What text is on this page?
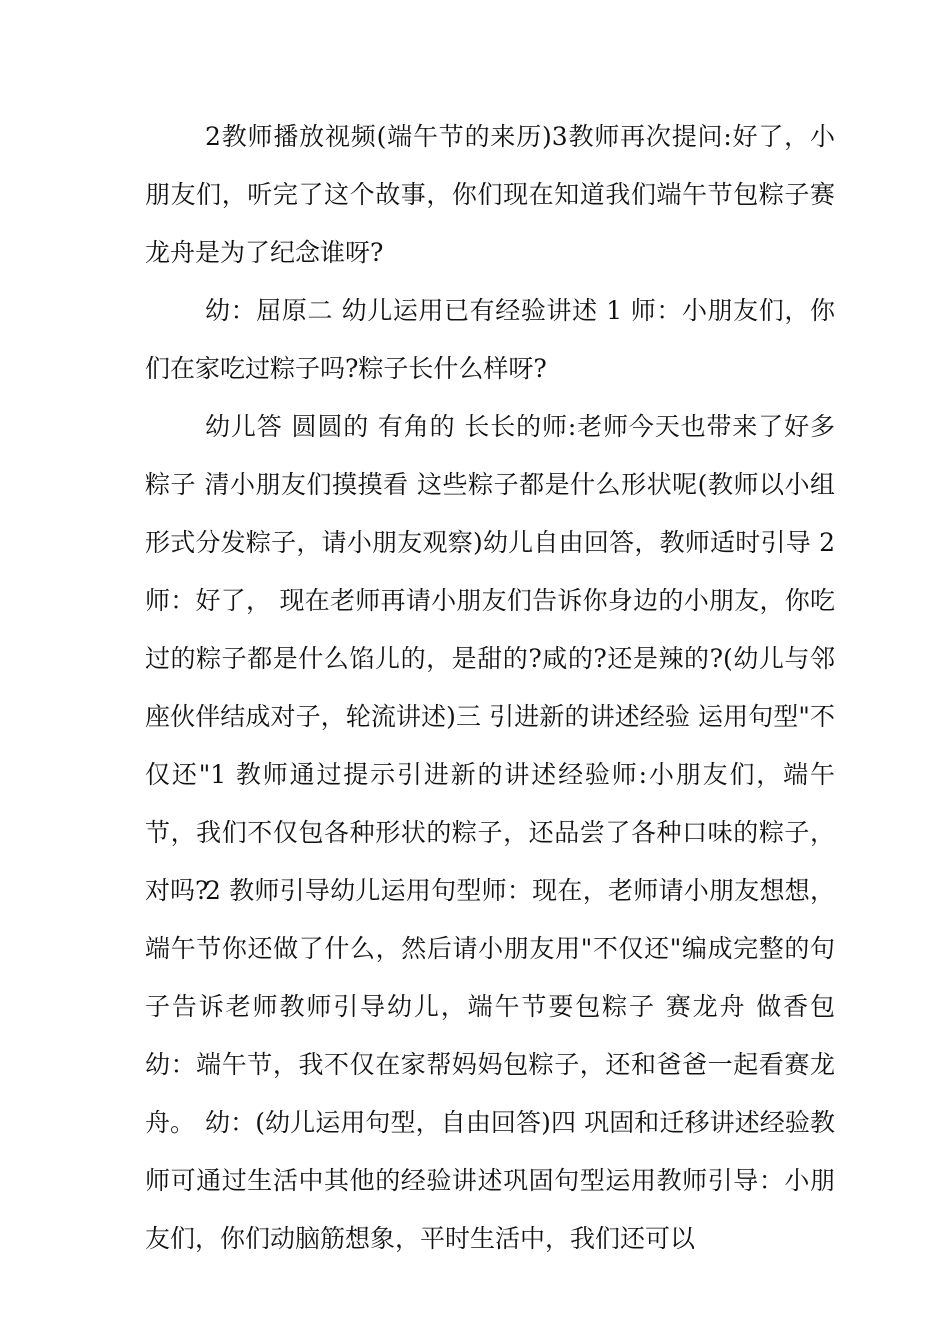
2教师播放视频(端午节的来历)3教师再次提问:好了，小朋友们，听完了这个故事，你们现在知道我们端午节包粽子赛龙舟是为了纪念谁呀?

幼：屈原二 幼儿运用已有经验讲述 1 师：小朋友们，你们在家吃过粽子吗?粽子长什么样呀?

幼儿答 圆圆的 有角的 长长的师:老师今天也带来了好多粽子 清小朋友们摸摸看 这些粽子都是什么形状呢(教师以小组形式分发粽子，请小朋友观察)幼儿自由回答，教师适时引导 2 师：好了， 现在老师再请小朋友们告诉你身边的小朋友，你吃过的粽子都是什么馅儿的，是甜的?咸的?还是辣的?(幼儿与邻座伙伴结成对子，轮流讲述)三 引进新的讲述经验 运用句型"不仅还"1 教师通过提示引进新的讲述经验师:小朋友们，端午节，我们不仅包各种形状的粽子，还品尝了各种口味的粽子，对吗?

2 教师引导幼儿运用句型师：现在，老师请小朋友想想，端午节你还做了什么，然后请小朋友用"不仅还"编成完整的句子告诉老师教师引导幼儿，端午节要包粽子 赛龙舟 做香包幼：端午节，我不仅在家帮妈妈包粽子，还和爸爸一起看赛龙舟。 幼：(幼儿运用句型，自由回答)四 巩固和迁移讲述经验教师可通过生活中其他的经验讲述巩固句型运用教师引导：小朋友们，你们动脑筋想象，平时生活中，我们还可以
